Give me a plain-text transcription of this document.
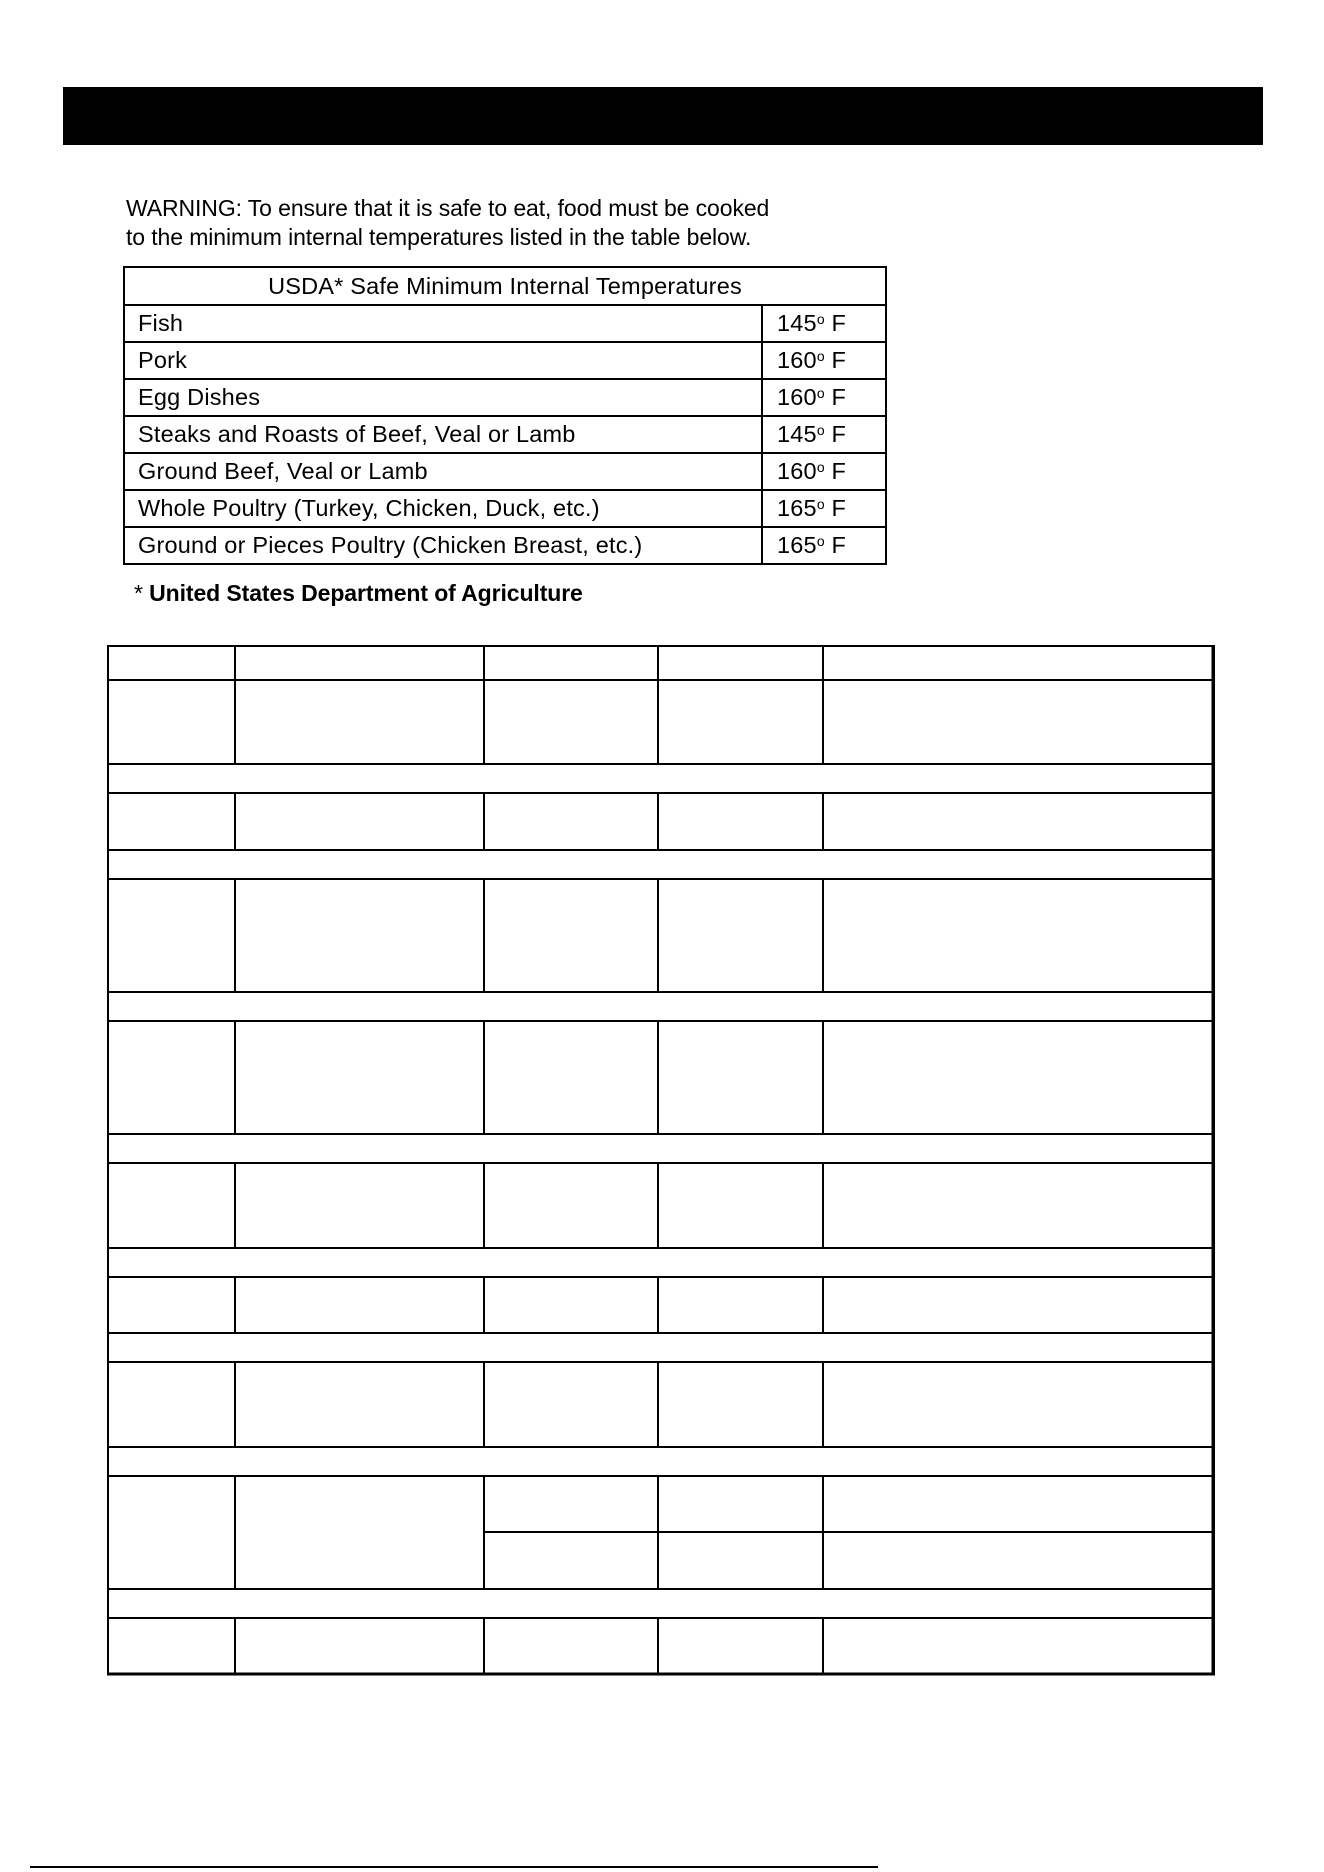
WARNING: To ensure that it is safe to eat, food must be cooked
to the minimum internal temperatures listed in the table below.
USDA* Safe Minimum Internal Temperatures	
Fish	145$^o$ F
Pork	160$^o$ F
Egg Dishes	160$^o$ F
Steaks and Roasts of Beef, Veal or Lamb	145$^o$ F
Ground Beef, Veal or Lamb	160$^o$ F
Whole Poultry (Turkey, Chicken, Duck, etc.)	165$^o$ F
Ground or Pieces Poultry (Chicken Breast, etc.)	165$^o$ F
* United States Department of Agriculture
